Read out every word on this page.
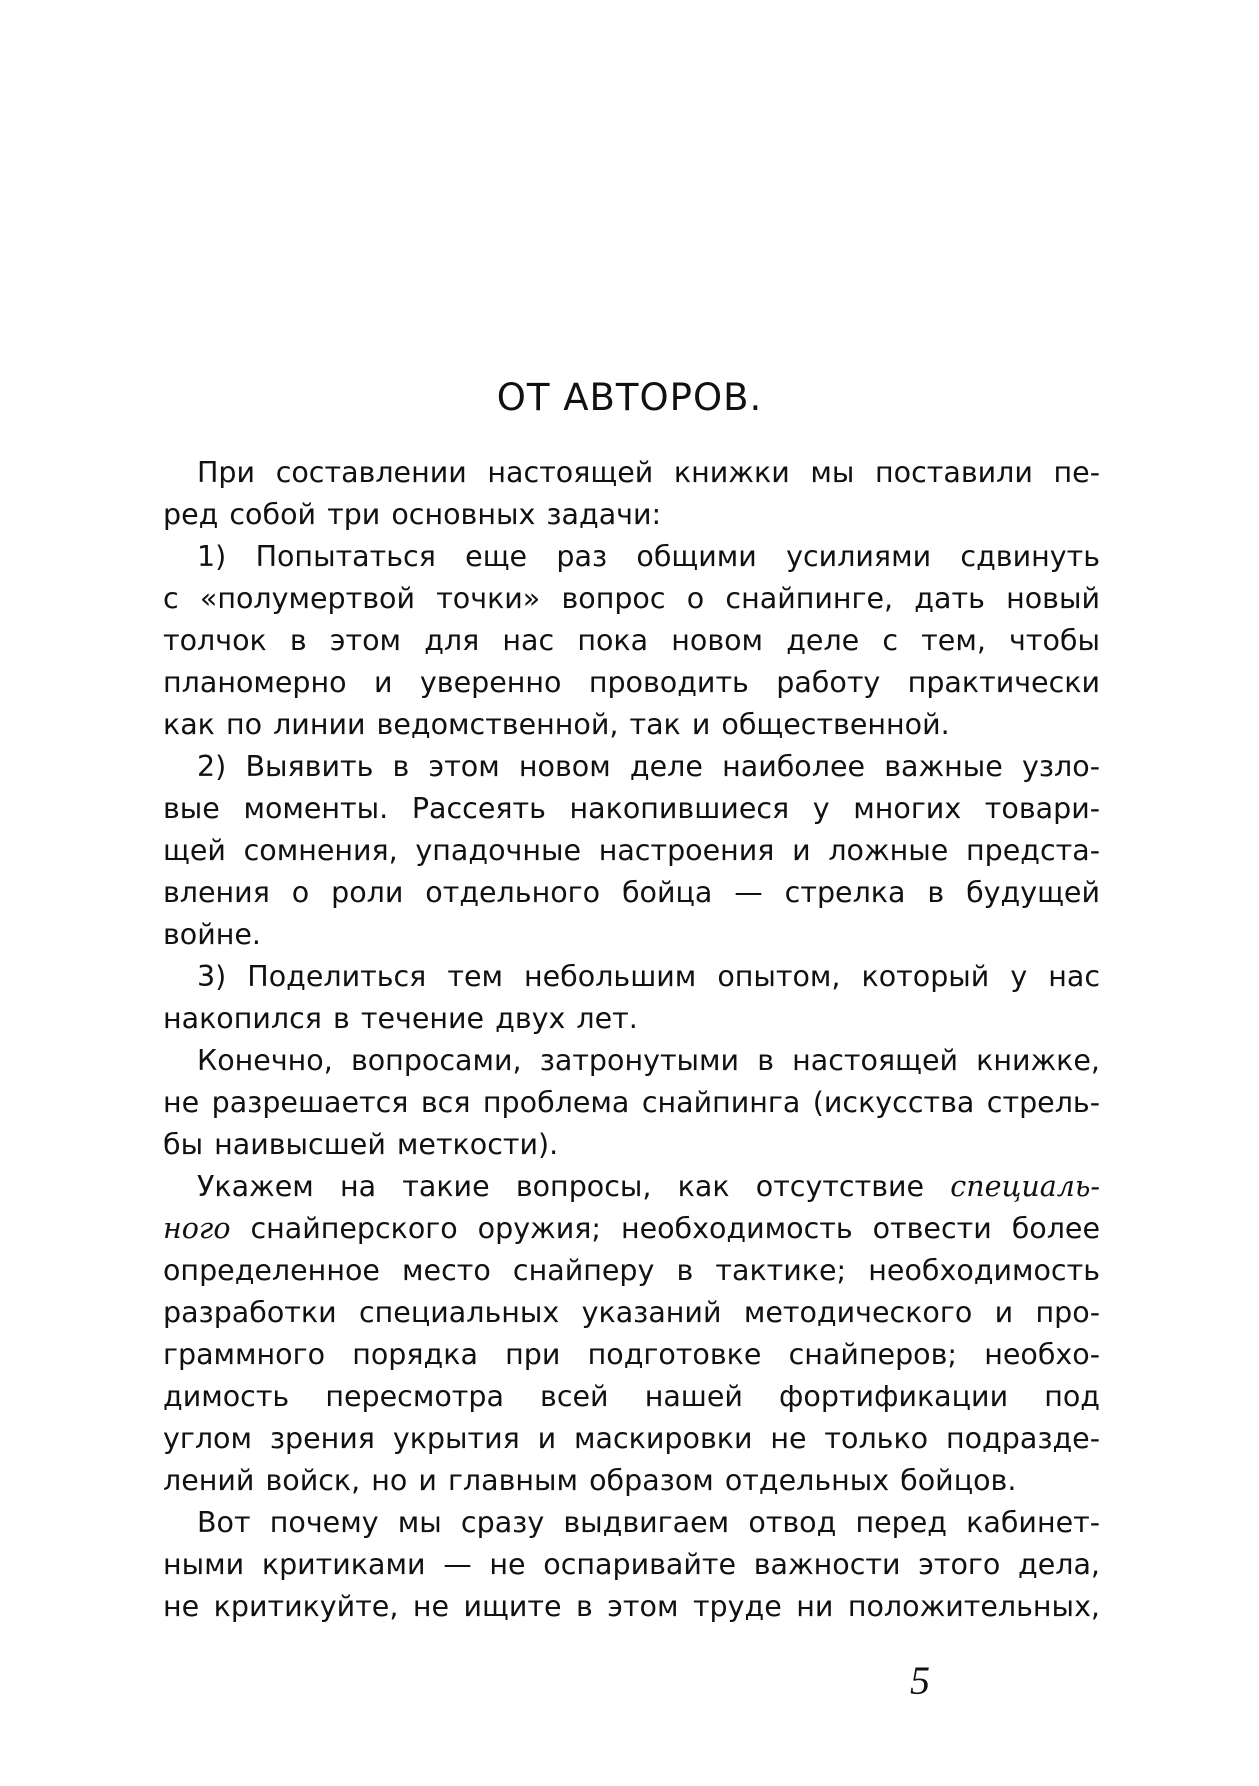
ОТ АВТОРОВ.

При составлении настоящей книжки мы поставили пе-
ред собой три основных задачи:

1) Попытаться еще раз общими усилиями сдвинуть
с «полумертвой точки» вопрос о снайпинге, дать новый
толчок в этом для нас пока новом деле с тем, чтобы
планомерно и уверенно проводить работу практически
как по линии ведомственной, так и общественной.

2) Выявить в этом новом деле наиболее важные узло-
вые моменты. Рассеять накопившиеся у многих товари-
щей сомнения, упадочные настроения и ложные предста-
вления о роли отдельного бойца — стрелка в будущей
войне.

3) Поделиться тем небольшим опытом, который у нас
накопился в течение двух лет.

Конечно, вопросами, затронутыми в настоящей книжке,
не разрешается вся проблема снайпинга (искусства стрель-
бы наивысшей меткости).

Укажем на такие вопросы, как отсутствие специаль-
ного снайперского оружия; необходимость отвести более
определенное место снайперу в тактике; необходимость
разработки специальных указаний методического и про-
граммного порядка при подготовке снайперов; необхо-
димость пересмотра всей нашей фортификации под
углом зрения укрытия и маскировки не только подразде-
лений войск, но и главным образом отдельных бойцов.

Вот почему мы сразу выдвигаем отвод перед кабинет-
ными критиками — не оспаривайте важности этого дела,
не критикуйте, не ищите в этом труде ни положительных,

5
